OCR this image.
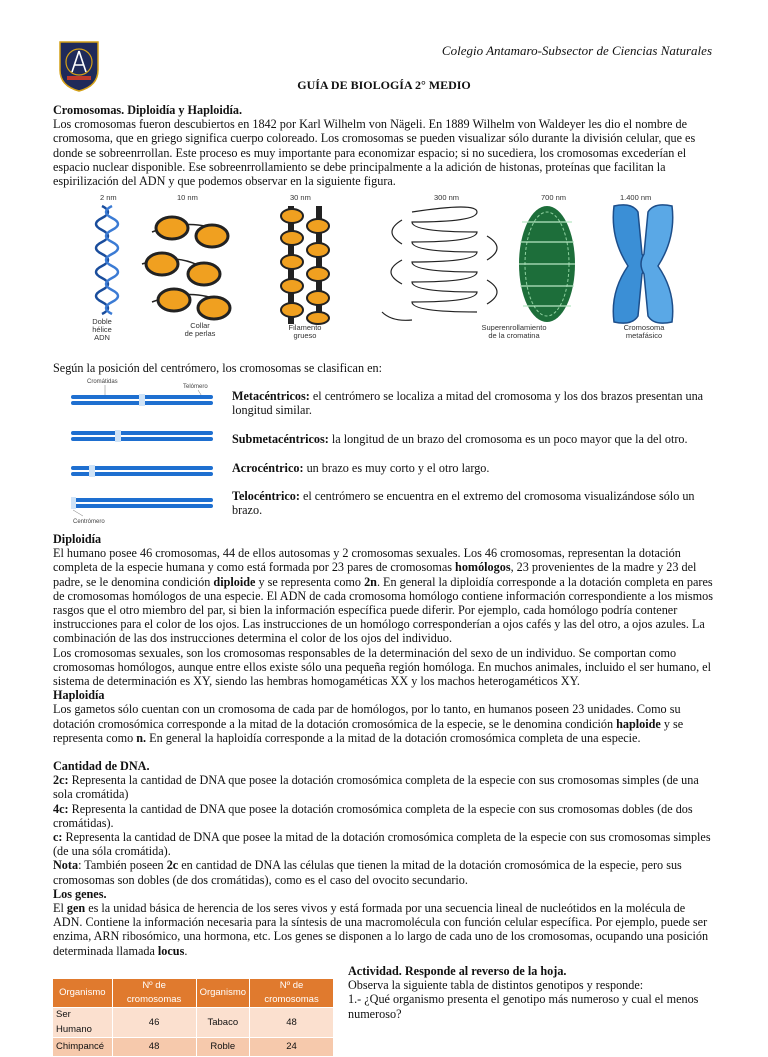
Colegio Antamaro-Subsector de Ciencias Naturales
GUÍA DE BIOLOGÍA 2° MEDIO

Cromosomas. Diploidía y Haploidía.

Los cromosomas fueron descubiertos en 1842 por Karl Wilhelm von Nägeli. En 1889 Wilhelm von Waldeyer les dio el nombre de cromosoma, que en griego significa cuerpo coloreado. Los cromosomas se pueden visualizar sólo durante la división celular, que es donde se sobreenrrollan. Este proceso es muy importante para economizar espacio; si no sucediera, los cromosomas excederían el espacio nuclear disponible. Ese sobreenrrollamiento se debe principalmente a la adición de histonas, proteínas que facilitan la espirilización del ADN y que podemos observar en la siguiente figura.

2 nm	10 nm	30 nm	300 nm	700 nm	1.400 nm
Doble
hélice
ADN
Collar
de perlas
Filamento
grueso
Superenrollamiento
de la cromatina
Cromosoma
metafásico
Según la posición del centrómero, los cromosomas se clasifican en:
Cromátidas
Telómero
Centrómero
Metacéntricos: el centrómero se localiza a mitad del cromosoma y los dos brazos presentan una longitud similar.
Submetacéntricos: la longitud de un brazo del cromosoma es un poco mayor que la del otro.
Acrocéntrico: un brazo es muy corto y el otro largo.
Telocéntrico: el centrómero se encuentra en el extremo del cromosoma visualizándose sólo un brazo.

Diploidía

El humano posee 46 cromosomas, 44 de ellos autosomas y 2 cromosomas sexuales. Los 46 cromosomas, representan la dotación completa de la especie humana y como está formada por 23 pares de cromosomas homólogos, 23 provenientes de la madre y 23 del padre, se le denomina condición diploide y se representa como 2n. En general la diploidía corresponde a la dotación completa en pares de cromosomas homólogos de una especie. El ADN de cada cromosoma homólogo contiene información correspondiente a los mismos rasgos que el otro miembro del par, si bien la información específica puede diferir. Por ejemplo, cada homólogo podría contener instrucciones para el color de los ojos. Las instrucciones de un homólogo corresponderían a ojos cafés y las del otro, a ojos azules. La combinación de las dos instrucciones determina el color de los ojos del individuo.

Los cromosomas sexuales, son los cromosomas responsables de la determinación del sexo de un individuo. Se comportan como cromosomas homólogos, aunque entre ellos existe sólo una pequeña región homóloga. En muchos animales, incluido el ser humano, el sistema de determinación es XY, siendo las hembras homogaméticas XX y los machos heterogaméticos XY.

Haploidía

Los gametos sólo cuentan con un cromosoma de cada par de homólogos, por lo tanto, en humanos poseen 23 unidades. Como su dotación cromosómica corresponde a la mitad de la dotación cromosómica de la especie, se le denomina condición haploide y se representa como n. En general la haploidía corresponde a la mitad de la dotación cromosómica completa de una especie.

Cantidad de DNA.

2c: Representa la cantidad de DNA que posee la dotación cromosómica completa de la especie con sus cromosomas simples (de una sola cromátida)

4c: Representa la cantidad de DNA que posee la dotación cromosómica completa de la especie con sus cromosomas dobles (de dos cromátidas).

c: Representa la cantidad de DNA que posee la mitad de la dotación cromosómica completa de la especie con sus cromosomas simples (de una sóla cromátida).

Nota: También poseen 2c en cantidad de DNA las células que tienen la mitad de la dotación cromosómica de la especie, pero sus cromosomas son dobles (de dos cromátidas), como es el caso del ovocito secundario.

Los genes.

El gen es la unidad básica de herencia de los seres vivos y está formada por una secuencia lineal de nucleótidos en la molécula de ADN. Contiene la información necesaria para la síntesis de una macromolécula con función celular específica. Por ejemplo, puede ser enzima, ARN ribosómico, una hormona, etc. Los genes se disponen a lo largo de cada uno de los cromosomas, ocupando una posición determinada llamada locus.

Organismo	Nº de cromosomas	Organismo	Nº de cromosomas
Ser Humano	46	Tabaco	48
Chimpancé	48	Roble	24

Actividad. Responde al reverso de la hoja.

Observa la siguiente tabla de distintos genotipos y responde:

1.- ¿Qué organismo presenta el genotipo más numeroso y cual el menos numeroso?
